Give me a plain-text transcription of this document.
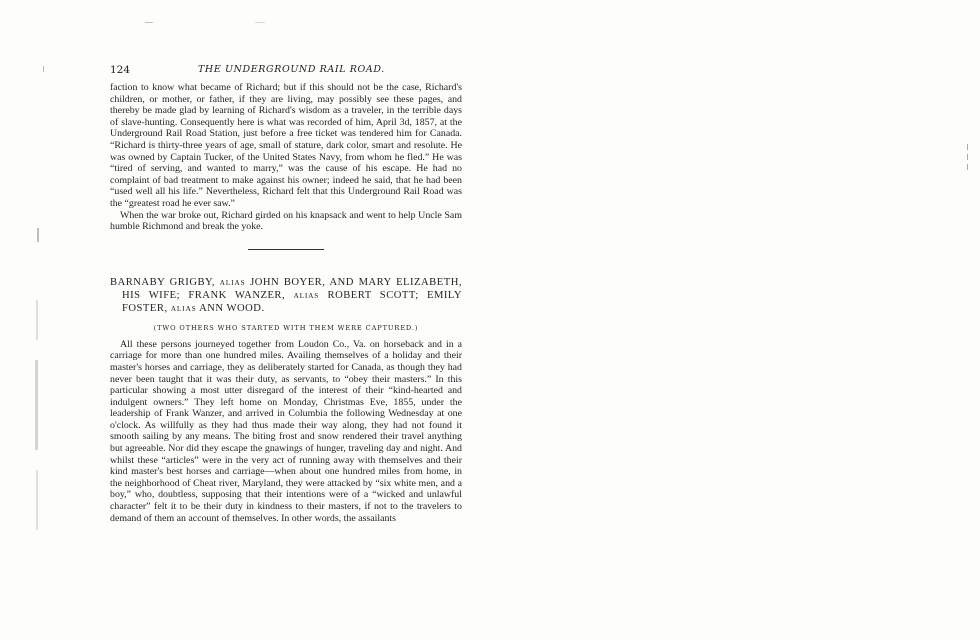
124	THE UNDERGROUND RAIL ROAD.

faction to know what became of Richard; but if this should not be the case, Richard's children, or mother, or father, if they are living, may possibly see these pages, and thereby be made glad by learning of Richard's wisdom as a traveler, in the terrible days of slave-hunting. Consequently here is what was recorded of him, April 3d, 1857, at the Underground Rail Road Station, just before a free ticket was tendered him for Canada. “Richard is thirty-three years of age, small of stature, dark color, smart and resolute. He was owned by Captain Tucker, of the United States Navy, from whom he fled.” He was “tired of serving, and wanted to marry,” was the cause of his escape. He had no complaint of bad treatment to make against his owner; indeed he said, that he had been “used well all his life.” Nevertheless, Richard felt that this Underground Rail Road was the “greatest road he ever saw.”

When the war broke out, Richard girded on his knapsack and went to help Uncle Sam humble Richmond and break the yoke.

BARNABY GRIGBY, ALIAS JOHN BOYER, AND MARY ELIZABETH, HIS WIFE; FRANK WANZER, ALIAS ROBERT SCOTT; EMILY FOSTER, ALIAS ANN WOOD.

(TWO OTHERS WHO STARTED WITH THEM WERE CAPTURED.)

All these persons journeyed together from Loudon Co., Va. on horseback and in a carriage for more than one hundred miles. Availing themselves of a holiday and their master's horses and carriage, they as deliberately started for Canada, as though they had never been taught that it was their duty, as servants, to “obey their masters.” In this particular showing a most utter disregard of the interest of their “kind-hearted and indulgent owners.” They left home on Monday, Christmas Eve, 1855, under the leadership of Frank Wanzer, and arrived in Columbia the following Wednesday at one o'clock. As willfully as they had thus made their way along, they had not found it smooth sailing by any means. The biting frost and snow rendered their travel anything but agreeable. Nor did they escape the gnawings of hunger, traveling day and night. And whilst these “articles” were in the very act of running away with themselves and their kind master's best horses and carriage—when about one hundred miles from home, in the neighborhood of Cheat river, Maryland, they were attacked by “six white men, and a boy,” who, doubtless, supposing that their intentions were of a “wicked and unlawful character” felt it to be their duty in kindness to their masters, if not to the travelers to demand of them an account of themselves. In other words, the assailants
